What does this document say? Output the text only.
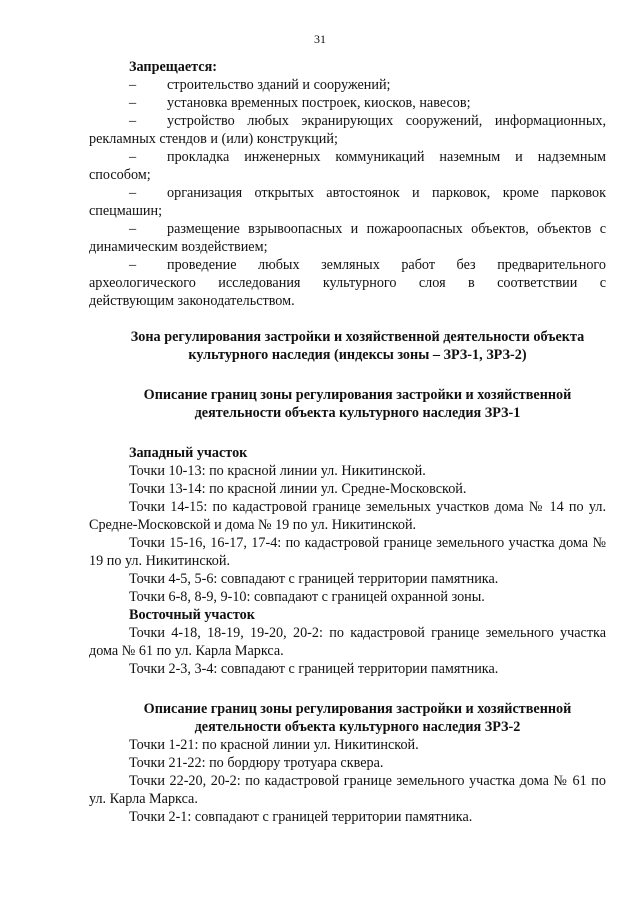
31
Запрещается:
– строительство зданий и сооружений;
– установка временных построек, киосков, навесов;
– устройство любых экранирующих сооружений, информационных,
рекламных стендов и (или) конструкций;
– прокладка инженерных коммуникаций наземным и надземным
способом;
– организация открытых автостоянок и парковок, кроме парковок
спецмашин;
– размещение взрывоопасных и пожароопасных объектов, объектов с
динамическим воздействием;
– проведение любых земляных работ без предварительного
археологического исследования культурного слоя в соответствии с
действующим законодательством.
Зона регулирования застройки и хозяйственной деятельности объекта
культурного наследия (индексы зоны – ЗРЗ-1, ЗРЗ-2)
Описание границ зоны регулирования застройки и хозяйственной
деятельности объекта культурного наследия ЗРЗ-1
Западный участок
Точки 10-13: по красной линии ул. Никитинской.
Точки 13-14: по красной линии ул. Средне-Московской.
Точки 14-15: по кадастровой границе земельных участков дома № 14 по ул. Средне-Московской и дома № 19 по ул. Никитинской.
Точки 15-16, 16-17, 17-4: по кадастровой границе земельного участка дома № 19 по ул. Никитинской.
Точки 4-5, 5-6: совпадают с границей территории памятника.
Точки 6-8, 8-9, 9-10: совпадают с границей охранной зоны.
Восточный участок
Точки 4-18, 18-19, 19-20, 20-2: по кадастровой границе земельного участка дома № 61 по ул. Карла Маркса.
Точки 2-3, 3-4: совпадают с границей территории памятника.
Описание границ зоны регулирования застройки и хозяйственной
деятельности объекта культурного наследия ЗРЗ-2
Точки 1-21: по красной линии ул. Никитинской.
Точки 21-22: по бордюру тротуара сквера.
Точки 22-20, 20-2: по кадастровой границе земельного участка дома № 61 по ул. Карла Маркса.
Точки 2-1: совпадают с границей территории памятника.
